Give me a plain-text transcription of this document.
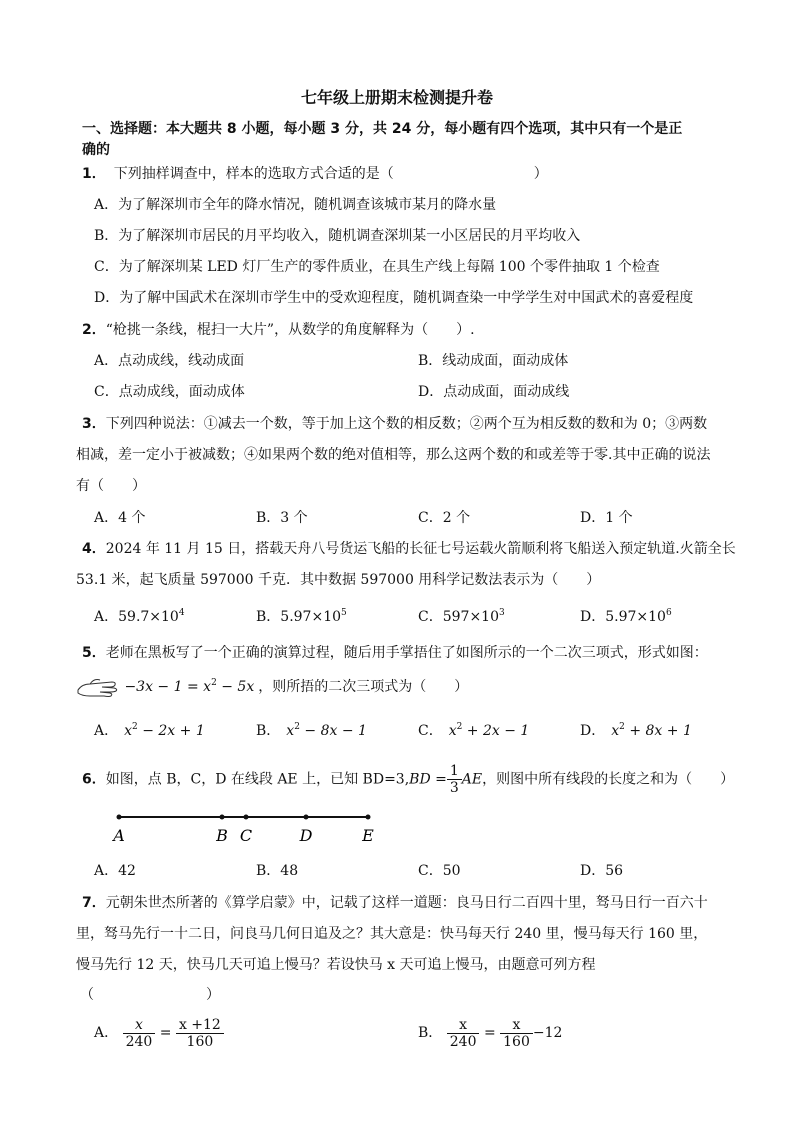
七年级上册期末检测提升卷
一、选择题：本大题共 8 小题，每小题 3 分，共 24 分，每小题有四个选项，其中只有一个是正
确的
1． 下列抽样调查中，样本的选取方式合适的是（　　　　　　　　　　）
A．为了解深圳市全年的降水情况，随机调查该城市某月的降水量
B．为了解深圳市居民的月平均收入，随机调查深圳某一小区居民的月平均收入
C．为了解深圳某 LED 灯厂生产的零件质业，在具生产线上每隔 100 个零件抽取 1 个检查
D．为了解中国武术在深圳市学生中的受欢迎程度，随机调查染一中学学生对中国武术的喜爱程度
2．“枪挑一条线，棍扫一大片”，从数学的角度解释为（　　）.
A．点动成线，线动成面	B．线动成面，面动成体
C．点动成线，面动成体	D．点动成面，面动成线
3．下列四种说法：①减去一个数，等于加上这个数的相反数；②两个互为相反数的数和为 0；③两数
相减，差一定小于被减数；④如果两个数的绝对值相等，那么这两个数的和或差等于零.其中正确的说法
有（　　）
A．4 个	B．3 个	C．2 个	D．1 个
4．2024 年 11 月 15 日，搭载天舟八号货运飞船的长征七号运载火箭顺利将飞船送入预定轨道.火箭全长
53.1 米，起飞质量 597000 千克．其中数据 597000 用科学记数法表示为（　　）
A．$59.7\times 10^4$	B．$5.97\times 10^5$	C．$597\times 10^3$	D．$5.97\times 10^6$
5．老师在黑板写了一个正确的演算过程，随后用手掌捂住了如图所示的一个二次三项式，形式如图：
$-3x - 1 = x^2 - 5x$ ，则所捂的二次三项式为（　　）
A． $x^2 - 2x + 1$	B． $x^2 - 8x - 1$	C． $x^2 + 2x - 1$	D． $x^2 + 8x + 1$
6．如图，点 B，C，D 在线段 AE 上，已知 $BD=3,BD = \frac{1}{3}$ AE，则图中所有线段的长度之和为（　　）
A	B C	D	E
A．42	B．48	C．50	D．56
7．元朝朱世杰所著的《算学启蒙》中，记载了这样一道题：良马日行二百四十里，驽马日行一百六十
里，驽马先行一十二日，问良马几何日追及之？其大意是：快马每天行 240 里，慢马每天行 160 里，
慢马先行 12 天，快马几天可追上慢马？若设快马 x 天可追上慢马，由题意可列方程
（　　　　　　　　）
A． $\frac{x}{240} = \frac{x +12}{160}$	B． $\frac{x}{240} = \frac{x}{160} -12$
